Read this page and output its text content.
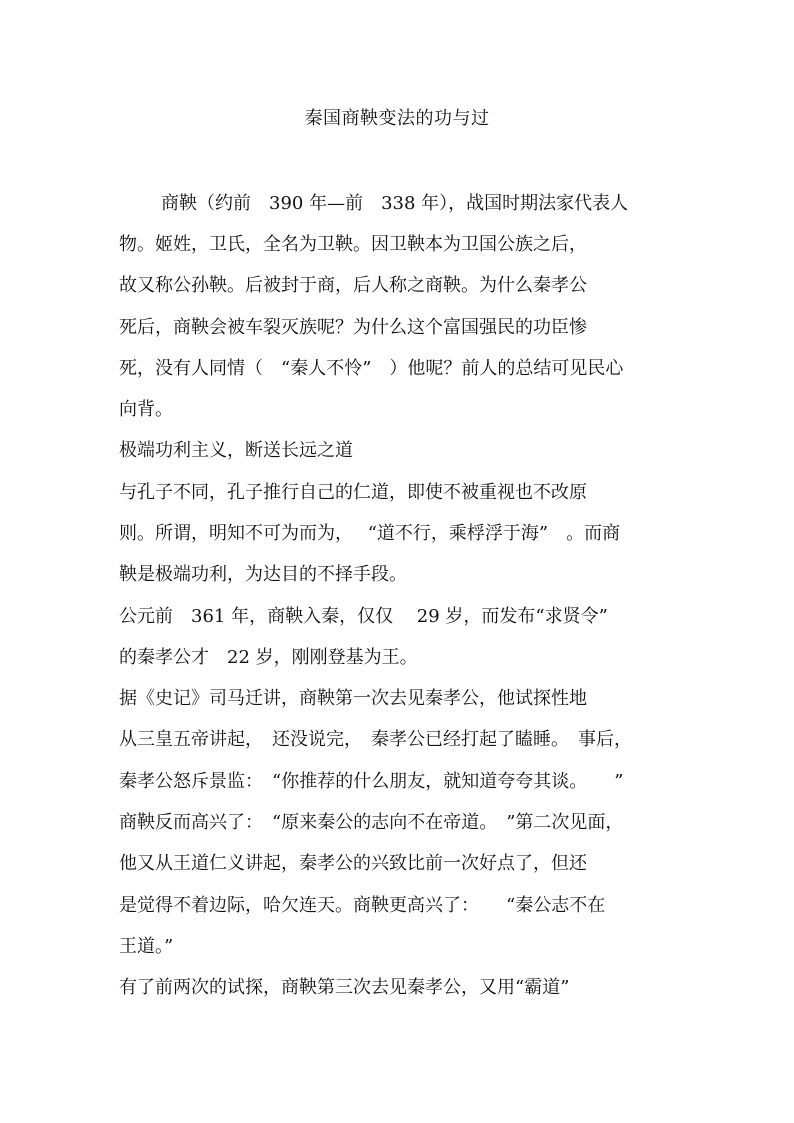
秦国商鞅变法的功与过
商鞅（约前　390 年—前　338 年），战国时期法家代表人
物。姬姓，卫氏，全名为卫鞅。因卫鞅本为卫国公族之后，
故又称公孙鞅。后被封于商，后人称之商鞅。为什么秦孝公
死后，商鞅会被车裂灭族呢？为什么这个富国强民的功臣惨
死，没有人同情（　“秦人不怜”　）他呢？前人的总结可见民心
向背。
极端功利主义，断送长远之道
与孔子不同，孔子推行自己的仁道，即使不被重视也不改原
则。所谓，明知不可为而为，　 “道不行，乘桴浮于海”　。而商
鞅是极端功利，为达目的不择手段。
公元前　361 年，商鞅入秦，仅仅　 29 岁，而发布“求贤令”
的秦孝公才　22 岁，刚刚登基为王。
据《史记》司马迁讲，商鞅第一次去见秦孝公，他试探性地
从三皇五帝讲起，　还没说完，　秦孝公已经打起了瞌睡。　事后，
秦孝公怒斥景监：　“你推荐的什么朋友，就知道夸夸其谈。　　”
商鞅反而高兴了：　“原来秦公的志向不在帝道。　”第二次见面，
他又从王道仁义讲起，秦孝公的兴致比前一次好点了，但还
是觉得不着边际，哈欠连天。商鞅更高兴了：　　“秦公志不在
王道。”
有了前两次的试探，商鞅第三次去见秦孝公，又用“霸道”
